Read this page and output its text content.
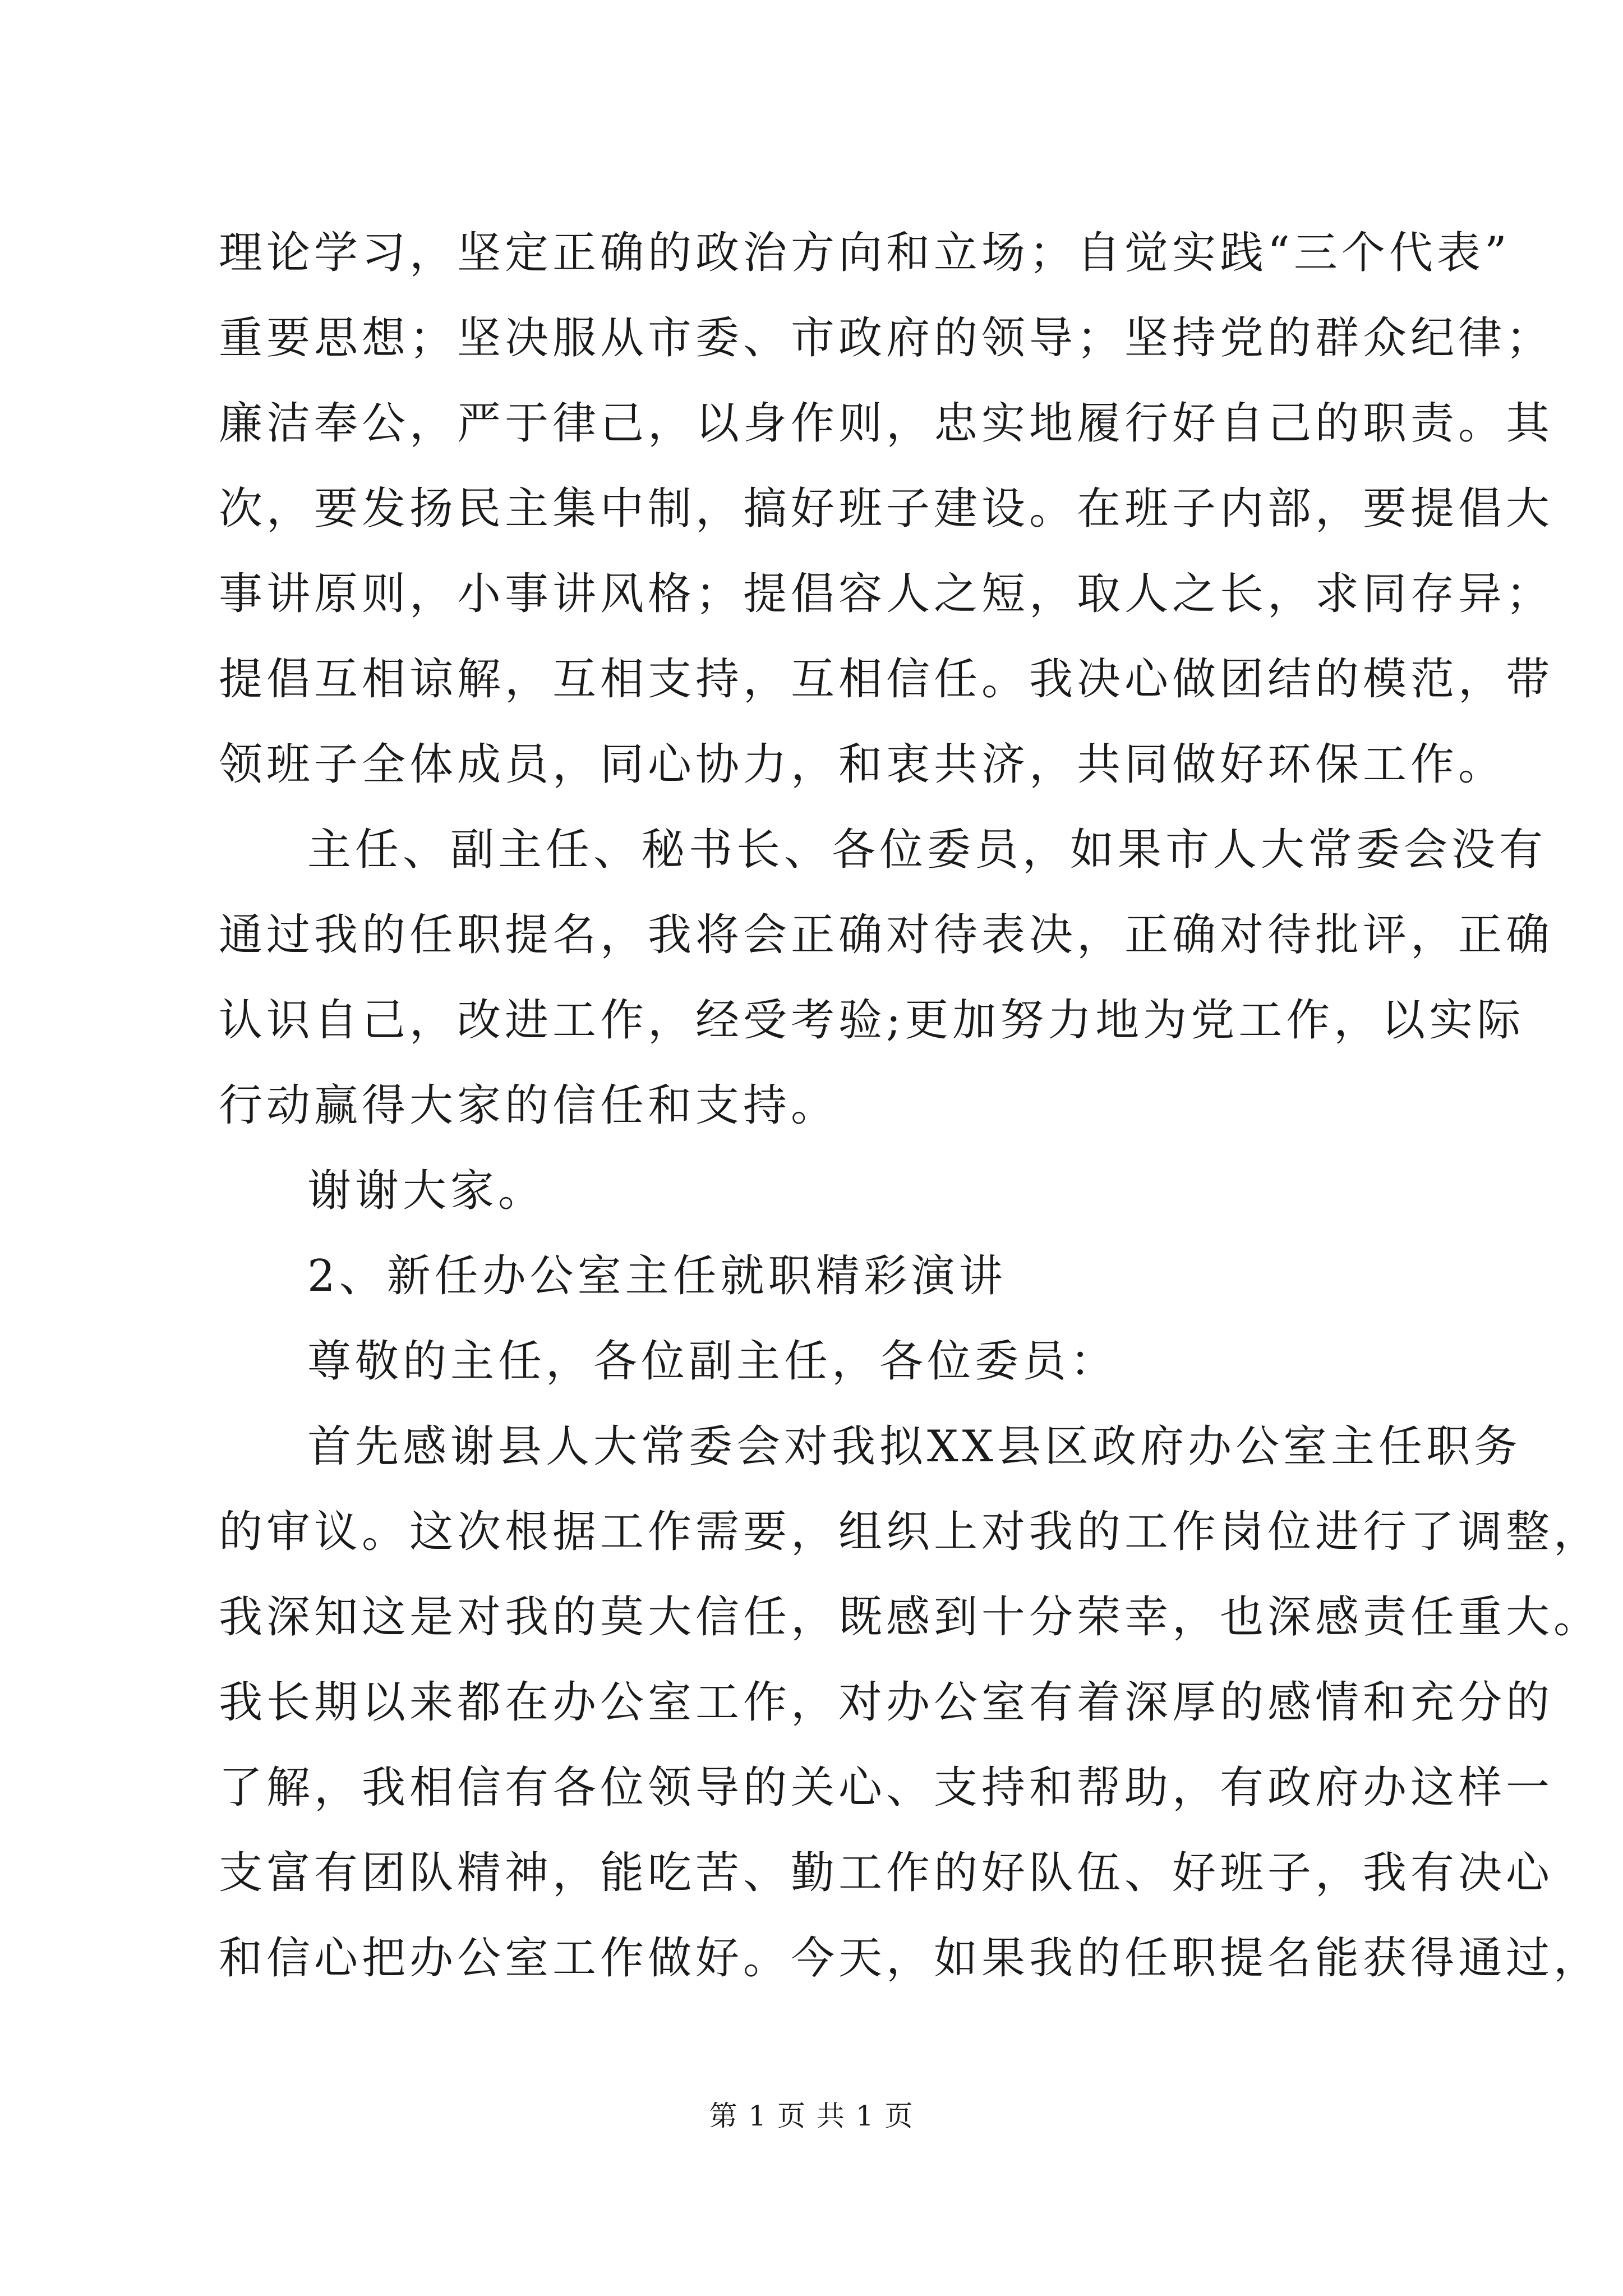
理论学习，坚定正确的政治方向和立场；自觉实践“三个代表”
重要思想；坚决服从市委、市政府的领导；坚持党的群众纪律；
廉洁奉公，严于律己，以身作则，忠实地履行好自己的职责。其
次，要发扬民主集中制，搞好班子建设。在班子内部，要提倡大
事讲原则，小事讲风格；提倡容人之短，取人之长，求同存异；
提倡互相谅解，互相支持，互相信任。我决心做团结的模范，带
领班子全体成员，同心协力，和衷共济，共同做好环保工作。
主任、副主任、秘书长、各位委员，如果市人大常委会没有
通过我的任职提名，我将会正确对待表决，正确对待批评，正确
认识自己，改进工作，经受考验;更加努力地为党工作，以实际
行动赢得大家的信任和支持。
谢谢大家。
2、新任办公室主任就职精彩演讲
尊敬的主任，各位副主任，各位委员：
首先感谢县人大常委会对我拟XX县区政府办公室主任职务
的审议。这次根据工作需要，组织上对我的工作岗位进行了调整，
我深知这是对我的莫大信任，既感到十分荣幸，也深感责任重大。
我长期以来都在办公室工作，对办公室有着深厚的感情和充分的
了解，我相信有各位领导的关心、支持和帮助，有政府办这样一
支富有团队精神，能吃苦、勤工作的好队伍、好班子，我有决心
和信心把办公室工作做好。今天，如果我的任职提名能获得通过，
第 1 页 共 1 页
